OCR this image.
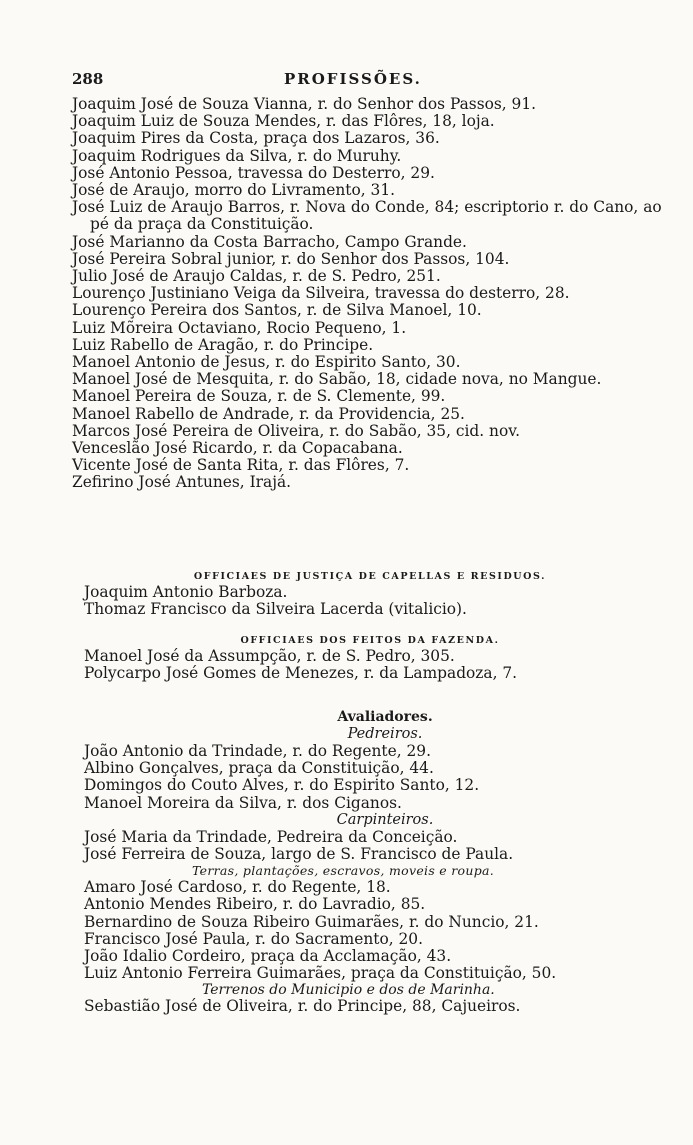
288	PROFISSÕES.
Joaquim José de Souza Vianna, r. do Senhor dos Passos, 91.
Joaquim Luiz de Souza Mendes, r. das Flôres, 18, loja.
Joaquim Pires da Costa, praça dos Lazaros, 36.
Joaquim Rodrigues da Silva, r. do Muruhy.
José Antonio Pessoa, travessa do Desterro, 29.
José de Araujo, morro do Livramento, 31.
José Luiz de Araujo Barros, r. Nova do Conde, 84; escriptorio r. do Cano, ao pé da praça da Constituição.
José Marianno da Costa Barracho, Campo Grande.
José Pereira Sobral junior, r. do Senhor dos Passos, 104.
Julio José de Araujo Caldas, r. de S. Pedro, 251.
Lourenço Justiniano Veiga da Silveira, travessa do desterro, 28.
Lourenço Pereira dos Santos, r. de Silva Manoel, 10.
Luiz Mõreira Octaviano, Rocio Pequeno, 1.
Luiz Rabello de Aragão, r. do Principe.
Manoel Antonio de Jesus, r. do Espirito Santo, 30.
Manoel José de Mesquita, r. do Sabão, 18, cidade nova, no Mangue.
Manoel Pereira de Souza, r. de S. Clemente, 99.
Manoel Rabello de Andrade, r. da Providencia, 25.
Marcos José Pereira de Oliveira, r. do Sabão, 35, cid. nov.
Venceslão José Ricardo, r. da Copacabana.
Vicente José de Santa Rita, r. das Flôres, 7.
Zefirino José Antunes, Irajá.
OFFICIAES DE JUSTIÇA DE CAPELLAS E RESIDUOS.
Joaquim Antonio Barboza.
Thomaz Francisco da Silveira Lacerda (vitalicio).
OFFICIAES DOS FEITOS DA FAZENDA.
Manoel José da Assumpção, r. de S. Pedro, 305.
Polycarpo José Gomes de Menezes, r. da Lampadoza, 7.
Avaliadores.
Pedreiros.
João Antonio da Trindade, r. do Regente, 29.
Albino Gonçalves, praça da Constituição, 44.
Domingos do Couto Alves, r. do Espirito Santo, 12.
Manoel Moreira da Silva, r. dos Ciganos.
Carpinteiros.
José Maria da Trindade, Pedreira da Conceição.
José Ferreira de Souza, largo de S. Francisco de Paula.
Terras, plantações, escravos, moveis e roupa.
Amaro José Cardoso, r. do Regente, 18.
Antonio Mendes Ribeiro, r. do Lavradio, 85.
Bernardino de Souza Ribeiro Guimarães, r. do Nuncio, 21.
Francisco José Paula, r. do Sacramento, 20.
João Idalio Cordeiro, praça da Acclamação, 43.
Luiz Antonio Ferreira Guimarães, praça da Constituição, 50.
Terrenos do Municipio e dos de Marinha.
Sebastião José de Oliveira, r. do Principe, 88, Cajueiros.
